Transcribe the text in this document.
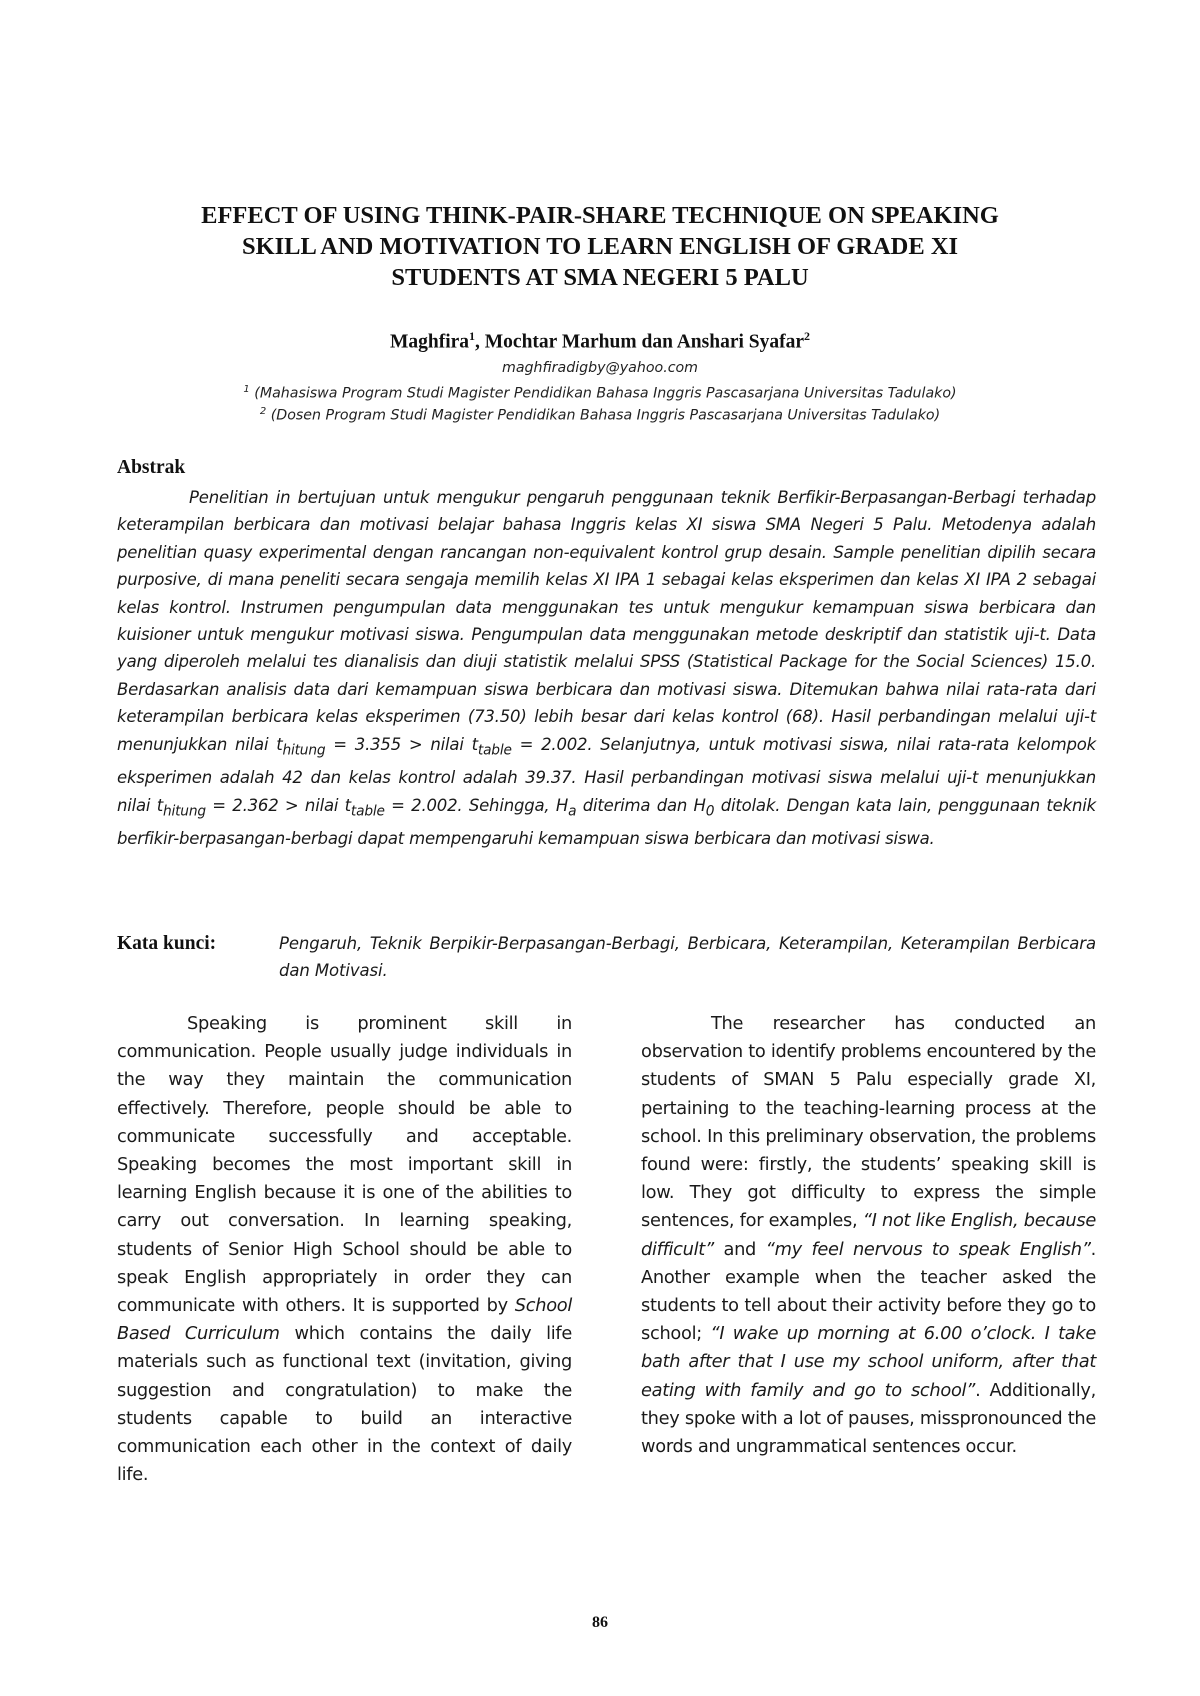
EFFECT OF USING THINK-PAIR-SHARE TECHNIQUE ON SPEAKING
SKILL AND MOTIVATION TO LEARN ENGLISH OF GRADE XI
STUDENTS AT SMA NEGERI 5 PALU
Maghfira$^1$, Mochtar Marhum dan Anshari Syafar$^2$
maghfiradigby@yahoo.com
$^1$ (Mahasiswa Program Studi Magister Pendidikan Bahasa Inggris Pascasarjana Universitas Tadulako)
$^2$ (Dosen Program Studi Magister Pendidikan Bahasa Inggris Pascasarjana Universitas Tadulako)
Abstrak

Penelitian in bertujuan untuk mengukur pengaruh penggunaan teknik Berfikir-Berpasangan-Berbagi terhadap keterampilan berbicara dan motivasi belajar bahasa Inggris kelas XI siswa SMA Negeri 5 Palu. Metodenya adalah penelitian quasy experimental dengan rancangan non-equivalent kontrol grup desain. Sample penelitian dipilih secara purposive, di mana peneliti secara sengaja memilih kelas XI IPA 1 sebagai kelas eksperimen dan kelas XI IPA 2 sebagai kelas kontrol. Instrumen pengumpulan data menggunakan tes untuk mengukur kemampuan siswa berbicara dan kuisioner untuk mengukur motivasi siswa. Pengumpulan data menggunakan metode deskriptif dan statistik uji-t. Data yang diperoleh melalui tes dianalisis dan diuji statistik melalui SPSS (Statistical Package for the Social Sciences) 15.0. Berdasarkan analisis data dari kemampuan siswa berbicara dan motivasi siswa. Ditemukan bahwa nilai rata-rata dari keterampilan berbicara kelas eksperimen (73.50) lebih besar dari kelas kontrol (68). Hasil perbandingan melalui uji-t menunjukkan nilai $t_{hitung} = 3.355$ > nilai $t_{table} = 2.002$. Selanjutnya, untuk motivasi siswa, nilai rata-rata kelompok eksperimen adalah 42 dan kelas kontrol adalah 39.37. Hasil perbandingan motivasi siswa melalui uji-t menunjukkan nilai $t_{hitung} = 2.362$ > nilai $t_{table} = 2.002$. Sehingga, $H_a$ diterima dan $H_0$ ditolak. Dengan kata lain, penggunaan teknik berfikir-berpasangan-berbagi dapat mempengaruhi kemampuan siswa berbicara dan motivasi siswa.

Kata kunci:	Pengaruh, Teknik Berpikir-Berpasangan-Berbagi, Berbicara, Keterampilan, Keterampilan Berbicara dan Motivasi.

Speaking is prominent skill in communication. People usually judge individuals in the way they maintain the communication effectively. Therefore, people should be able to communicate successfully and acceptable. Speaking becomes the most important skill in learning English because it is one of the abilities to carry out conversation. In learning speaking, students of Senior High School should be able to speak English appropriately in order they can communicate with others. It is supported by School Based Curriculum which contains the daily life materials such as functional text (invitation, giving suggestion and congratulation) to make the students capable to build an interactive communication each other in the context of daily life.

The researcher has conducted an observation to identify problems encountered by the students of SMAN 5 Palu especially grade XI, pertaining to the teaching-learning process at the school. In this preliminary observation, the problems found were: firstly, the students’ speaking skill is low. They got difficulty to express the simple sentences, for examples, “I not like English, because difficult” and “my feel nervous to speak English”. Another example when the teacher asked the students to tell about their activity before they go to school; “I wake up morning at 6.00 o’clock. I take bath after that I use my school uniform, after that eating with family and go to school”. Additionally, they spoke with a lot of pauses, misspronounced the words and ungrammatical sentences occur.

86
